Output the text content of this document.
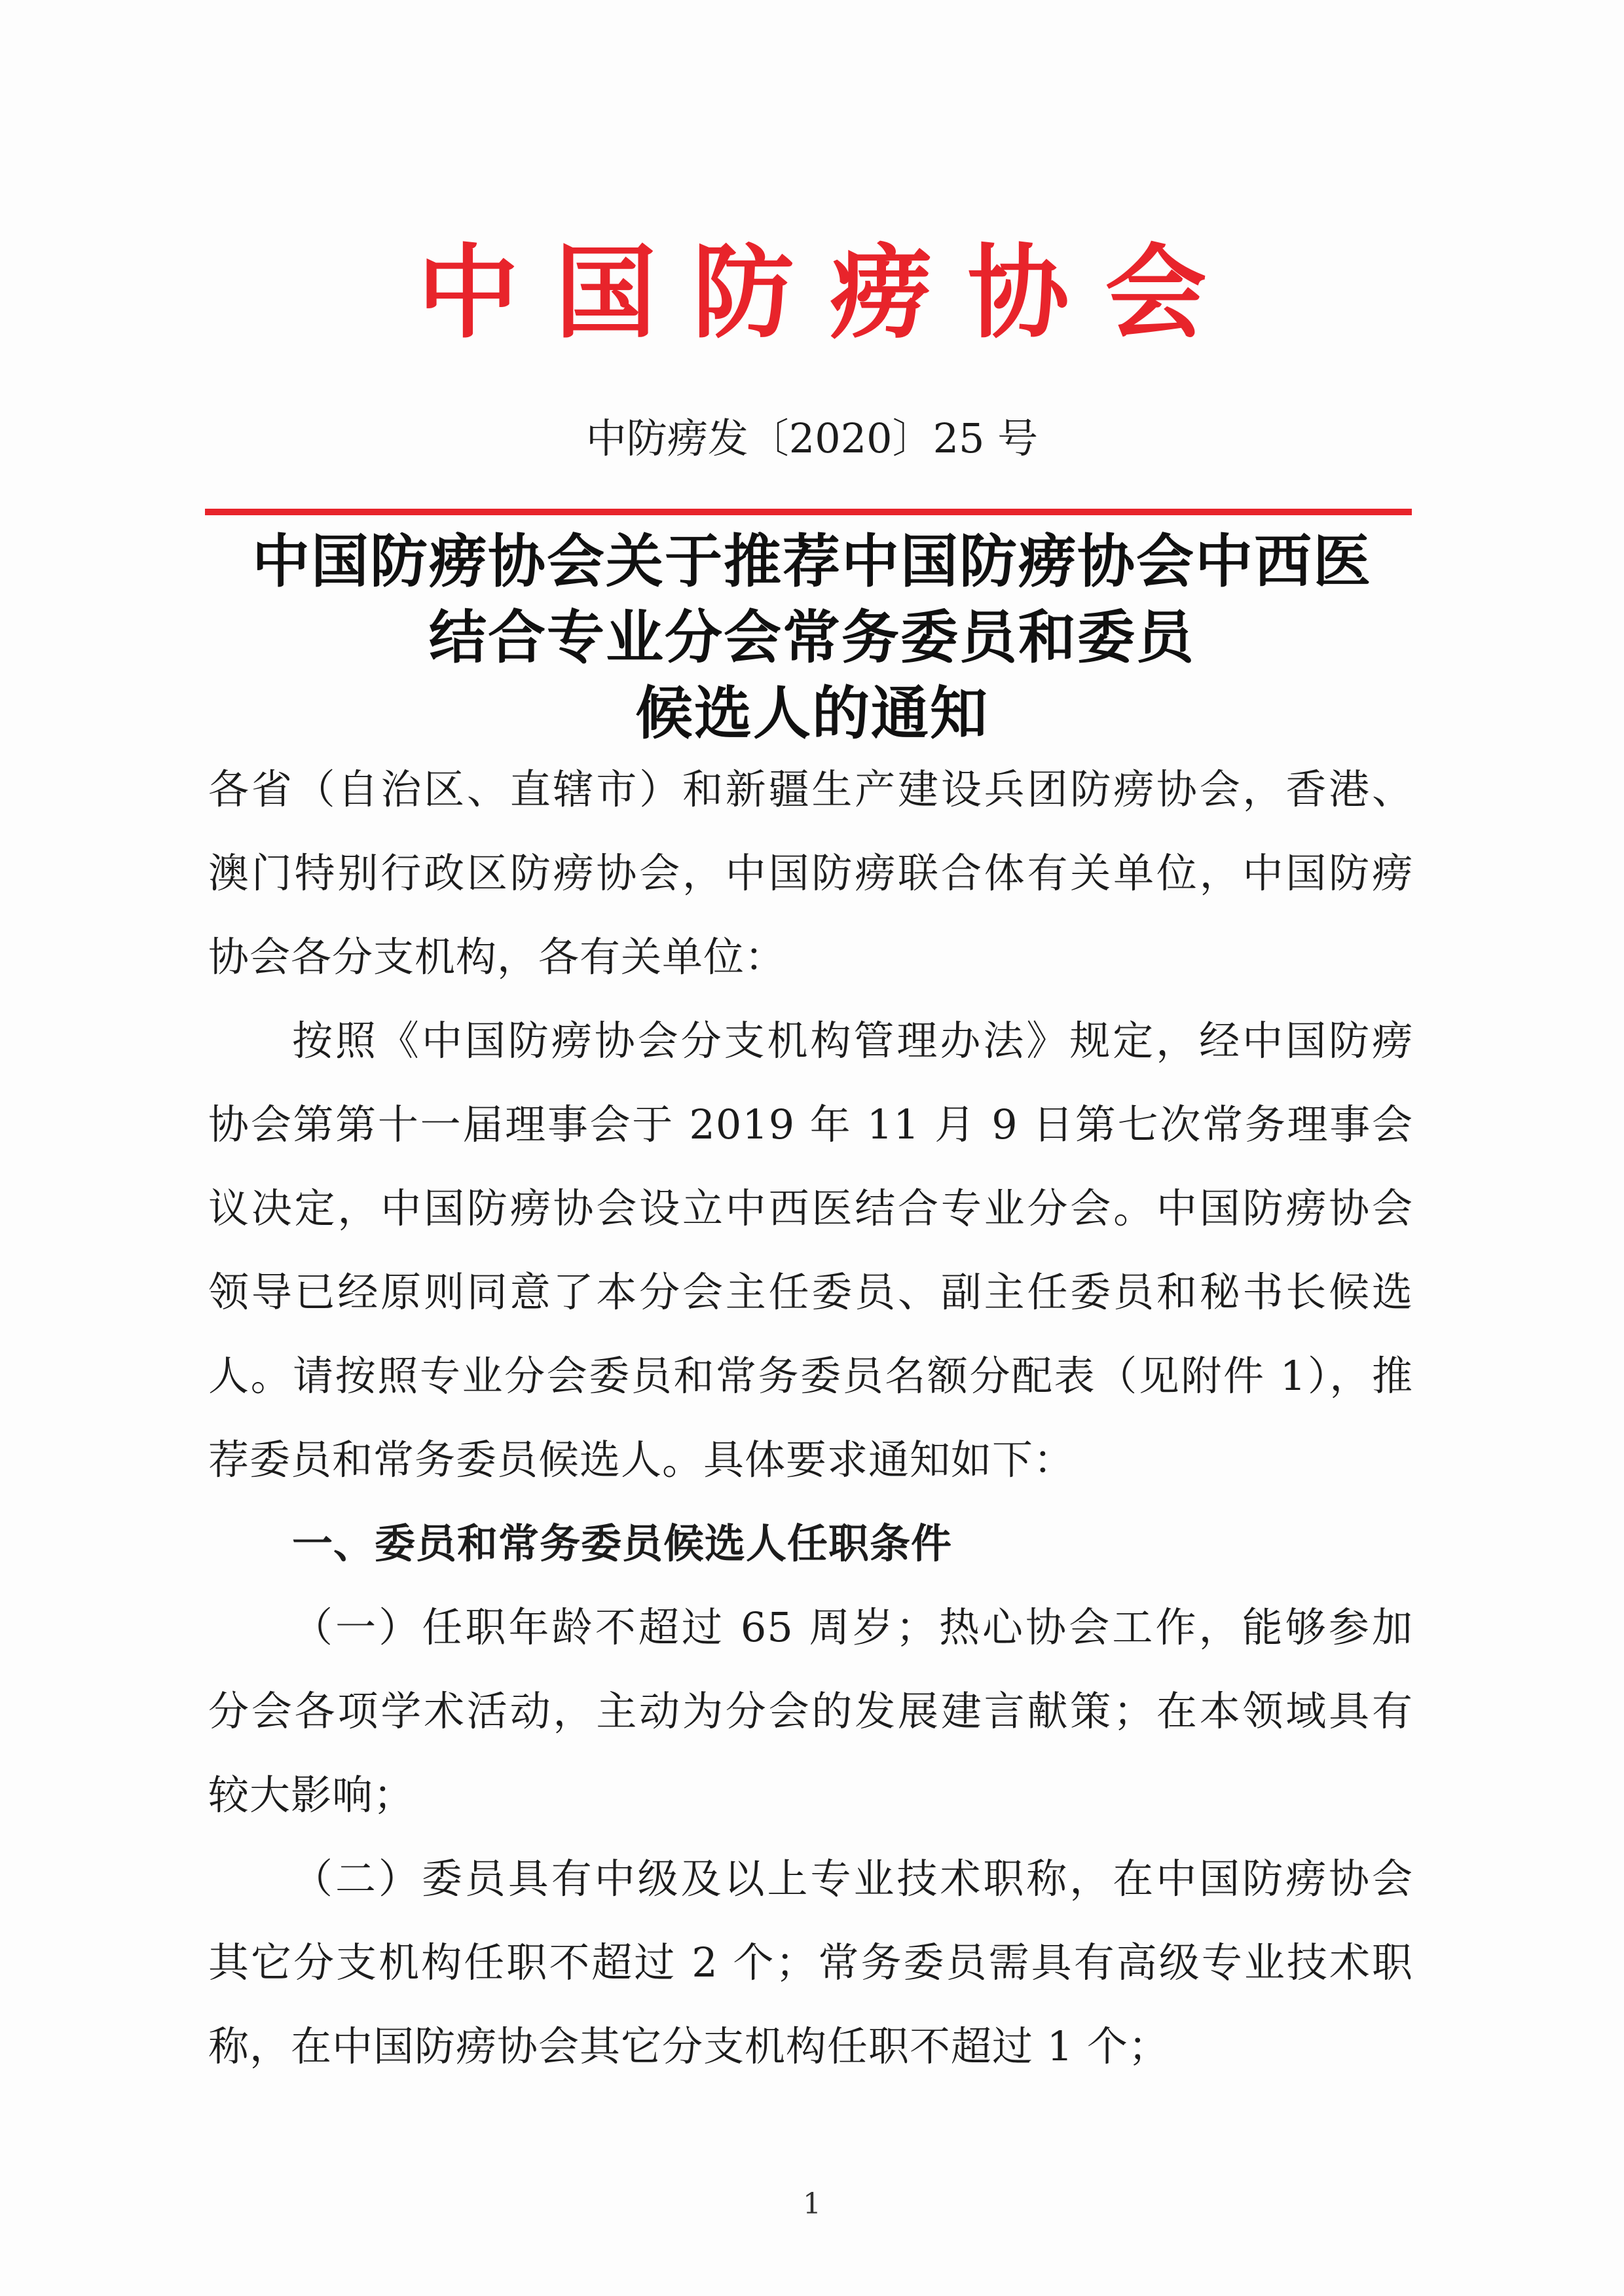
中国防痨协会
中防痨发〔2020〕25 号
中国防痨协会关于推荐中国防痨协会中西医
结合专业分会常务委员和委员
候选人的通知
各省（自治区、直辖市）和新疆生产建设兵团防痨协会，香港、
澳门特别行政区防痨协会，中国防痨联合体有关单位，中国防痨
协会各分支机构，各有关单位：
按照《中国防痨协会分支机构管理办法》规定，经中国防痨
协会第第十一届理事会于 2019 年 11 月 9 日第七次常务理事会
议决定，中国防痨协会设立中西医结合专业分会。中国防痨协会
领导已经原则同意了本分会主任委员、副主任委员和秘书长候选
人。请按照专业分会委员和常务委员名额分配表（见附件 1），推
荐委员和常务委员候选人。具体要求通知如下：
一、委员和常务委员候选人任职条件
（一）任职年龄不超过 65 周岁；热心协会工作，能够参加
分会各项学术活动，主动为分会的发展建言献策；在本领域具有
较大影响；
（二）委员具有中级及以上专业技术职称，在中国防痨协会
其它分支机构任职不超过 2 个；常务委员需具有高级专业技术职
称，在中国防痨协会其它分支机构任职不超过 1 个；
1
